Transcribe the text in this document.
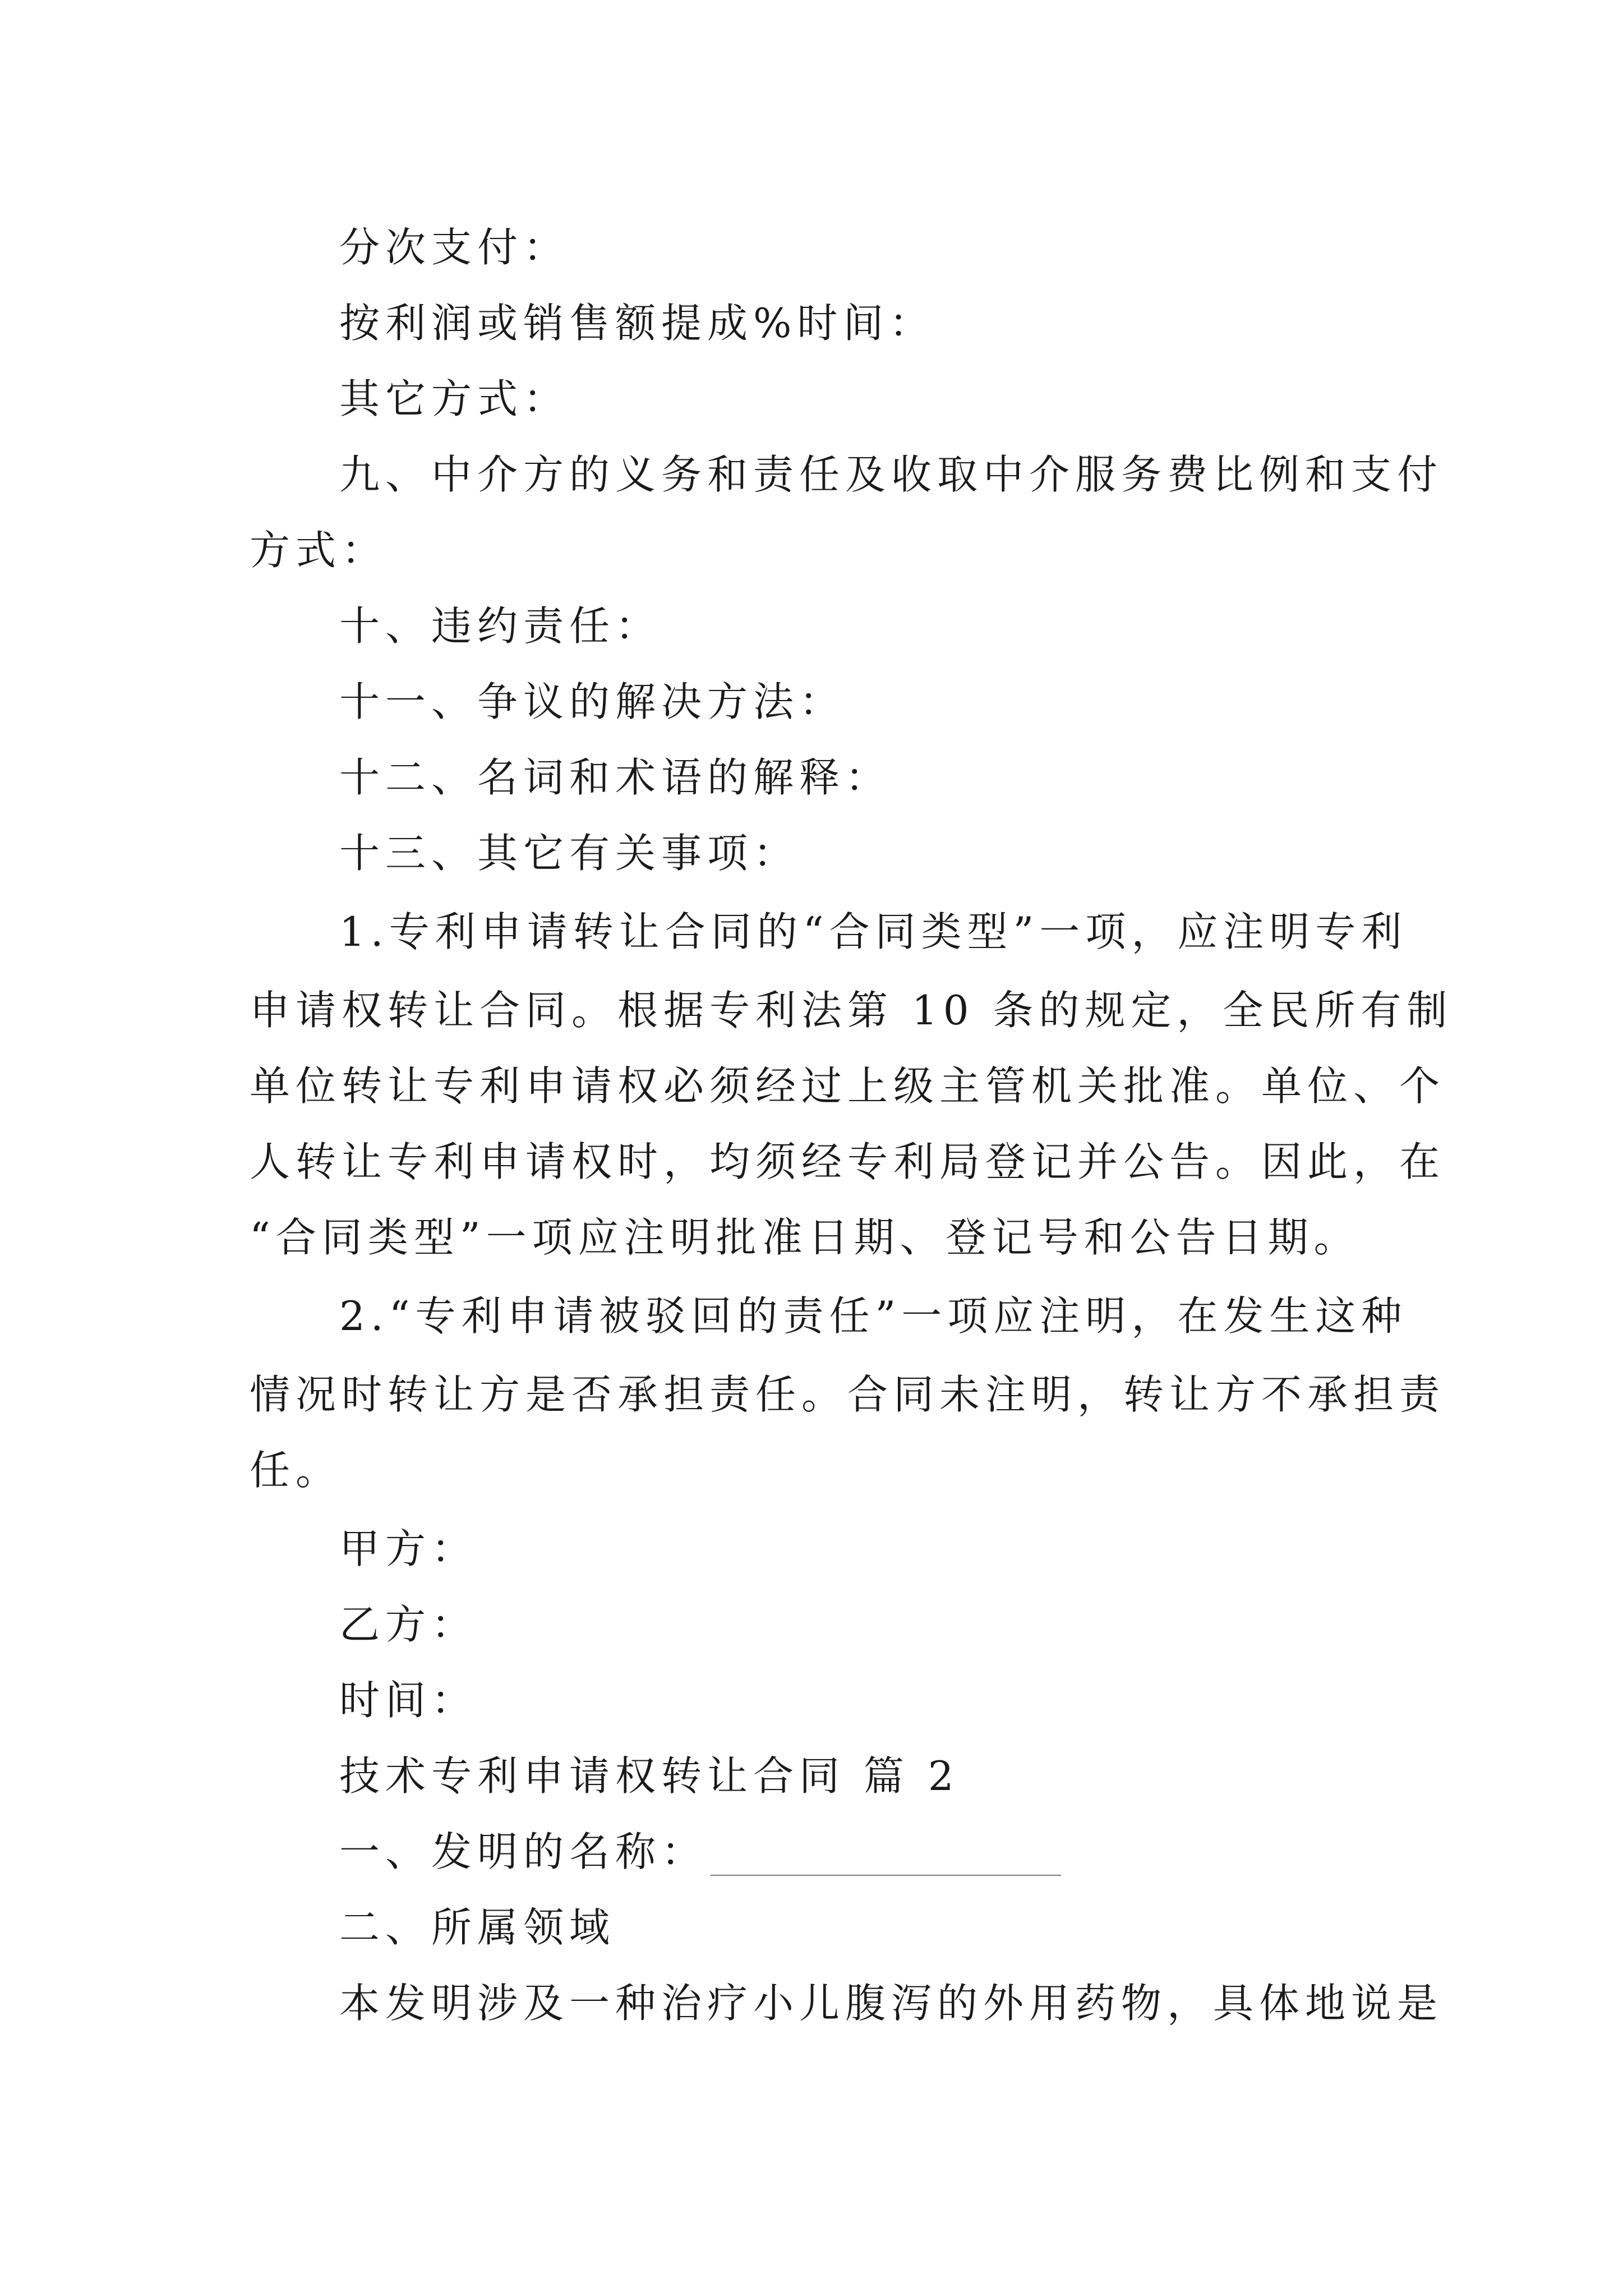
分次支付：
按利润或销售额提成%时间：
其它方式：
九、中介方的义务和责任及收取中介服务费比例和支付
方式：
十、违约责任：
十一、争议的解决方法：
十二、名词和术语的解释：
十三、其它有关事项：
1.专利申请转让合同的“合同类型”一项，应注明专利
申请权转让合同。根据专利法第 10 条的规定，全民所有制
单位转让专利申请权必须经过上级主管机关批准。单位、个
人转让专利申请权时，均须经专利局登记并公告。因此，在
“合同类型”一项应注明批准日期、登记号和公告日期。
2.“专利申请被驳回的责任”一项应注明，在发生这种
情况时转让方是否承担责任。合同未注明，转让方不承担责
任。
甲方：
乙方：
时间：
技术专利申请权转让合同 篇 2
一、发明的名称：
二、所属领域
本发明涉及一种治疗小儿腹泻的外用药物，具体地说是
